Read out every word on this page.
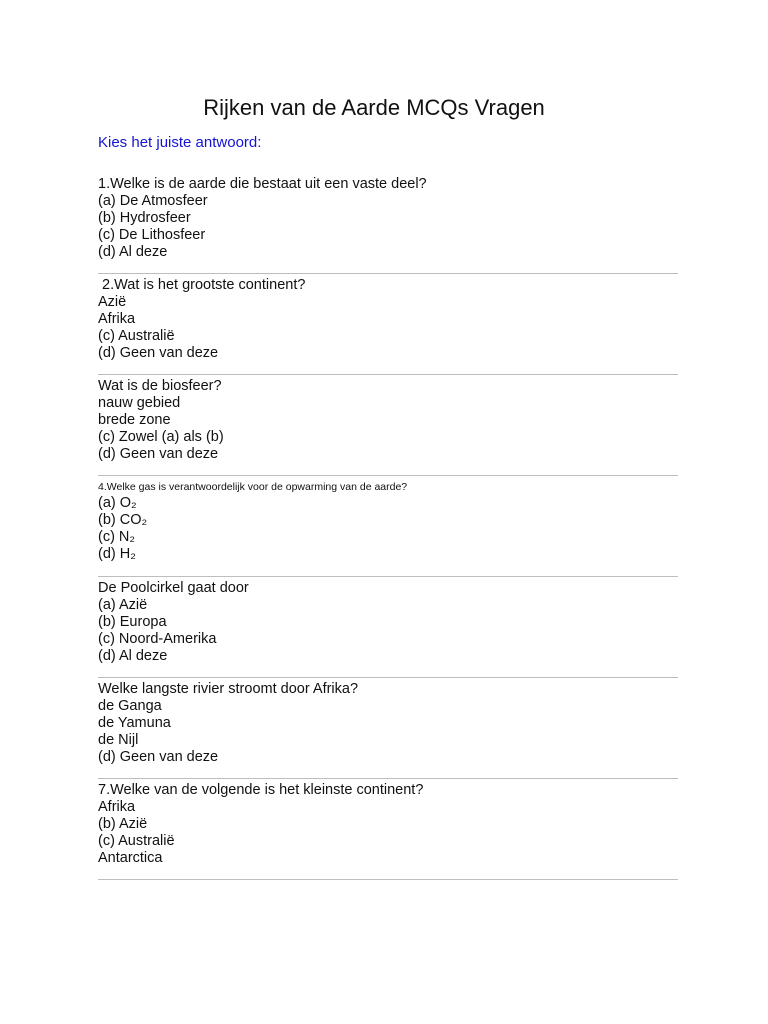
Rijken van de Aarde MCQs Vragen
Kies het juiste antwoord:
1.Welke is de aarde die bestaat uit een vaste deel?
(a) De Atmosfeer
(b) Hydrosfeer
(c) De Lithosfeer
(d) Al deze
2.Wat is het grootste continent?
Azië
Afrika
(c) Australië
(d) Geen van deze
Wat is de biosfeer?
nauw gebied
brede zone
(c) Zowel (a) als (b)
(d) Geen van deze
4.Welke gas is verantwoordelijk voor de opwarming van de aarde?
(a) O₂
(b) CO₂
(c) N₂
(d) H₂
De Poolcirkel gaat door
(a) Azië
(b) Europa
(c) Noord-Amerika
(d) Al deze
Welke langste rivier stroomt door Afrika?
de Ganga
de Yamuna
de Nijl
(d) Geen van deze
7.Welke van de volgende is het kleinste continent?
Afrika
(b) Azië
(c) Australië
Antarctica
